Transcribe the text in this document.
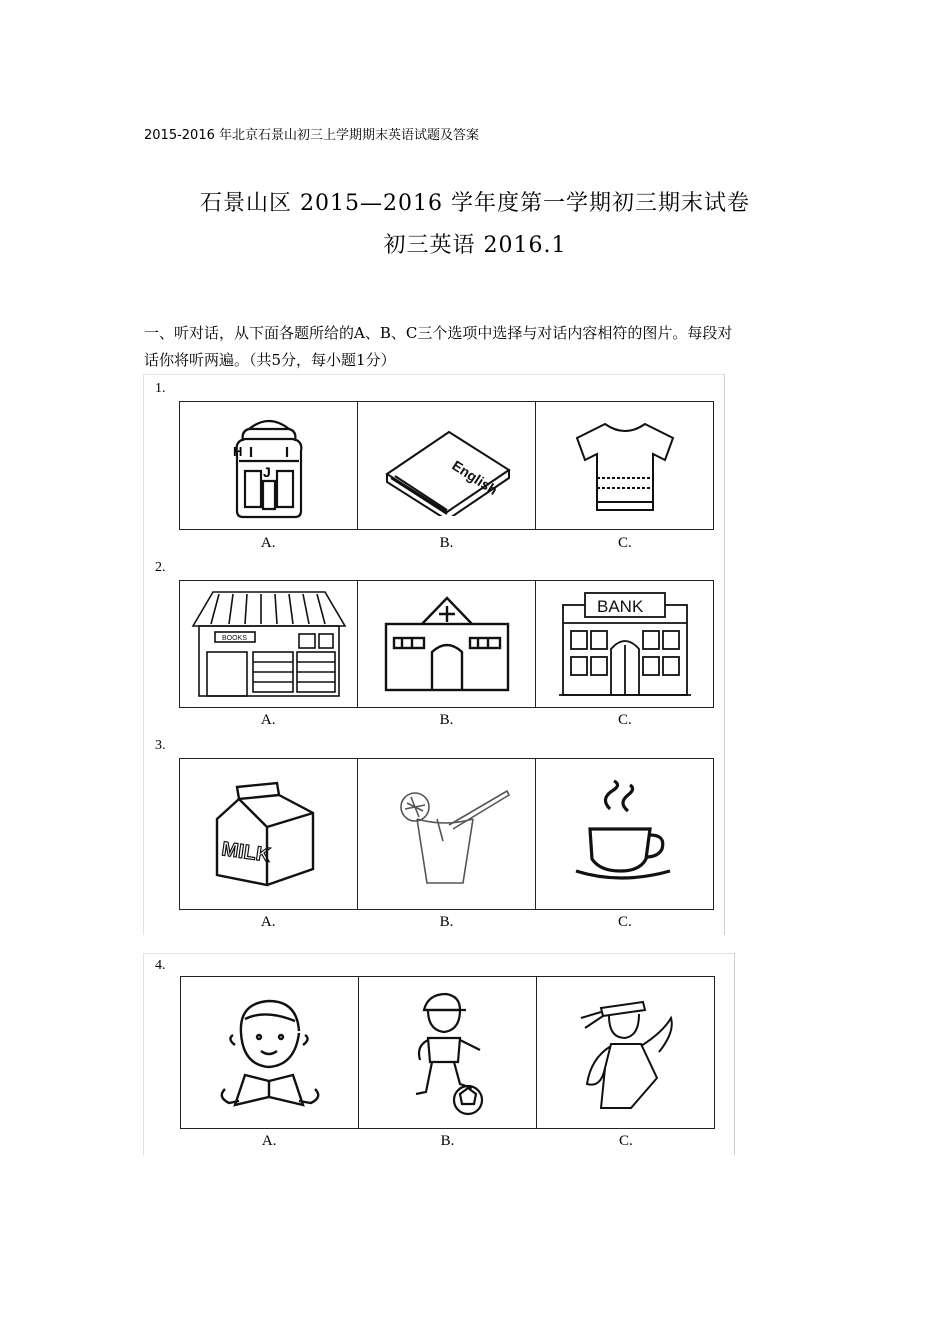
2015-2016 年北京石景山初三上学期期末英语试题及答案
石景山区 2015—2016 学年度第一学期初三期末试卷
初三英语 2016.1
一、听对话，从下面各题所给的A、B、C三个选项中选择与对话内容相符的图片。每段对
话你将听两遍。（共5分，每小题1分）
1.
H
J	English
A.	B.	C.
2.
BOOKS
BANK
A.	B.	C.
3.
MILK
A.	B.	C.
4.
A.	B.	C.
